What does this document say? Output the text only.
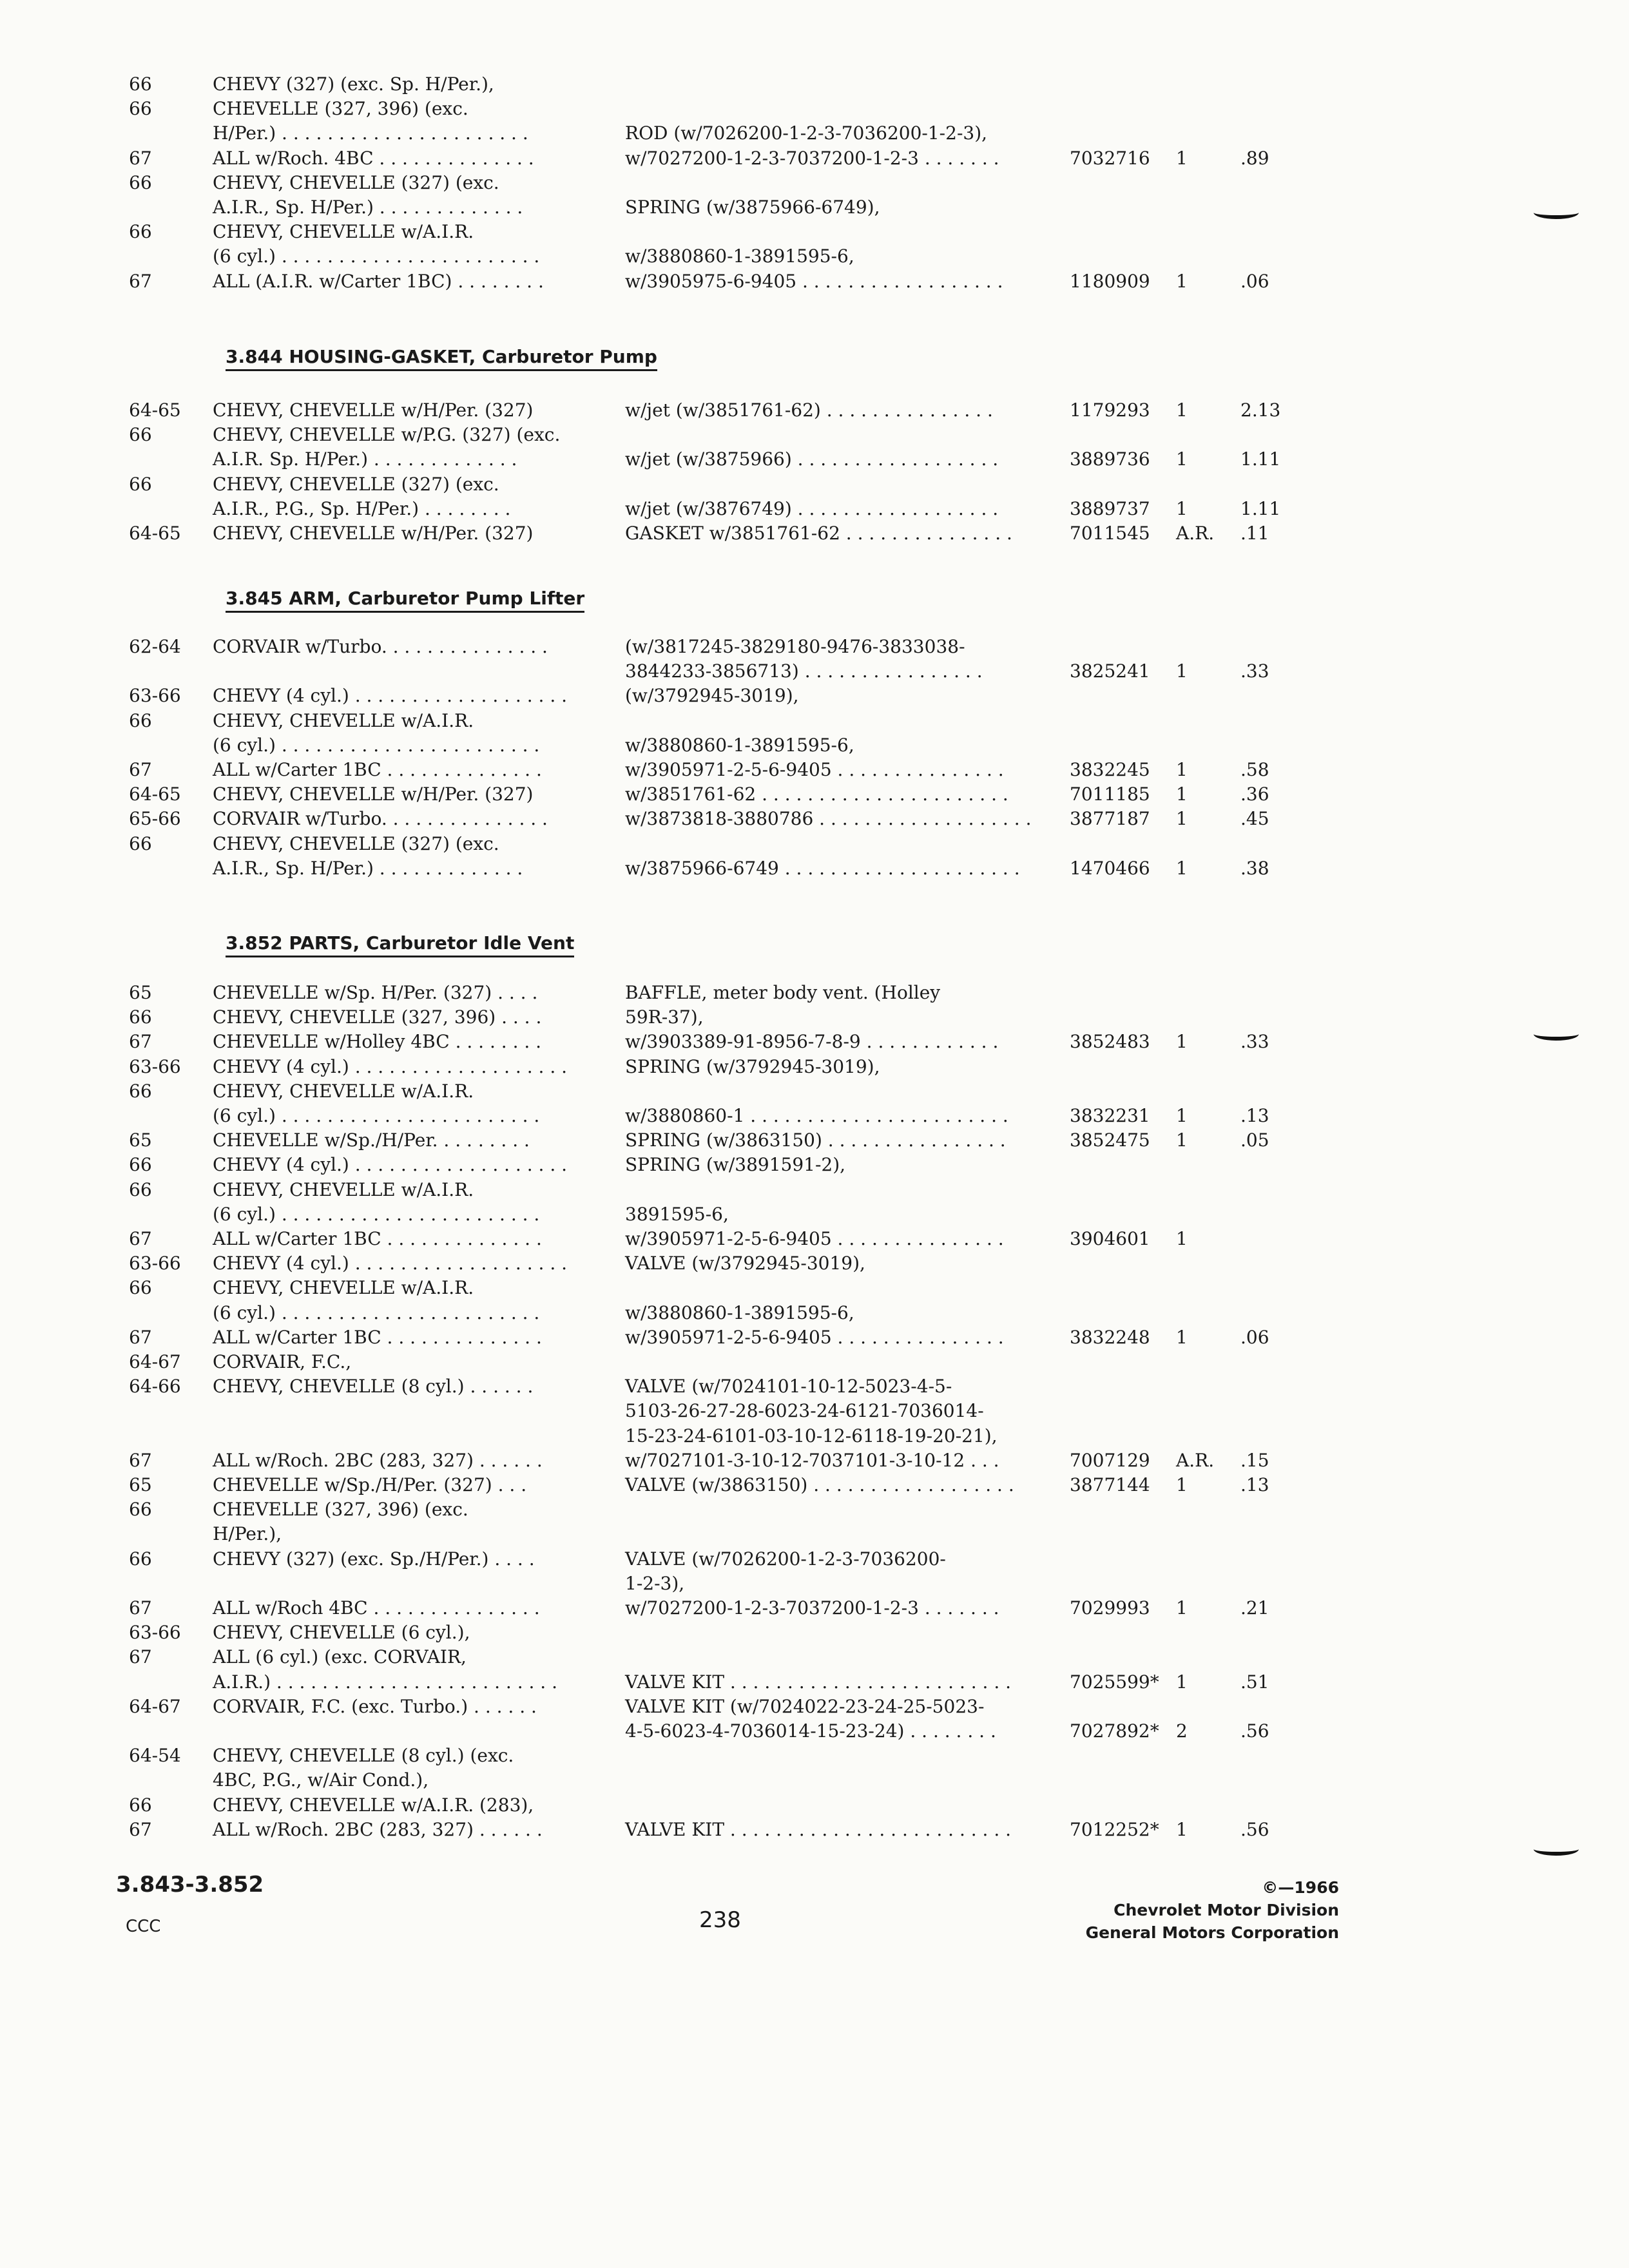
66	CHEVY (327) (exc. Sp. H/Per.),
66	CHEVELLE (327, 396) (exc.
H/Per.) . . . . . . . . . . . . . . . . . . . . . .	ROD (w/7026200-1-2-3-7036200-1-2-3),
67	ALL w/Roch. 4BC . . . . . . . . . . . . . .	w/7027200-1-2-3-7037200-1-2-3 . . . . . . .	7032716 1	.89
66	CHEVY, CHEVELLE (327) (exc.
A.I.R., Sp. H/Per.) . . . . . . . . . . . . .	SPRING (w/3875966-6749),
66	CHEVY, CHEVELLE w/A.I.R.
(6 cyl.) . . . . . . . . . . . . . . . . . . . . . . .	w/3880860-1-3891595-6,
67	ALL (A.I.R. w/Carter 1BC) . . . . . . . .	w/3905975-6-9405 . . . . . . . . . . . . . . . . . .	1180909 1	.06
3.844 HOUSING-GASKET, Carburetor Pump
64-65 CHEVY, CHEVELLE w/H/Per. (327)	w/jet (w/3851761-62) . . . . . . . . . . . . . . .	1179293 1	2.13
66	CHEVY, CHEVELLE w/P.G. (327) (exc.
A.I.R. Sp. H/Per.) . . . . . . . . . . . . .	w/jet (w/3875966) . . . . . . . . . . . . . . . . . .	3889736 1	1.11
66	CHEVY, CHEVELLE (327) (exc.
A.I.R., P.G., Sp. H/Per.) . . . . . . . .	w/jet (w/3876749) . . . . . . . . . . . . . . . . . .	3889737 1	1.11
64-65 CHEVY, CHEVELLE w/H/Per. (327)	GASKET w/3851761-62 . . . . . . . . . . . . . . .	7011545 A.R. .11
3.845 ARM, Carburetor Pump Lifter
62-64 CORVAIR w/Turbo. . . . . . . . . . . . . . .	(w/3817245-3829180-9476-3833038-
3844233-3856713) . . . . . . . . . . . . . . . .	3825241 1	.33
63-66 CHEVY (4 cyl.) . . . . . . . . . . . . . . . . . . .	(w/3792945-3019),
66	CHEVY, CHEVELLE w/A.I.R.
(6 cyl.) . . . . . . . . . . . . . . . . . . . . . . .	w/3880860-1-3891595-6,
67	ALL w/Carter 1BC . . . . . . . . . . . . . .	w/3905971-2-5-6-9405 . . . . . . . . . . . . . . .	3832245 1	.58
64-65 CHEVY, CHEVELLE w/H/Per. (327)	w/3851761-62 . . . . . . . . . . . . . . . . . . . . . .	7011185 1	.36
65-66 CORVAIR w/Turbo. . . . . . . . . . . . . . .	w/3873818-3880786 . . . . . . . . . . . . . . . . . . . 3877187 1	.45
66	CHEVY, CHEVELLE (327) (exc.
A.I.R., Sp. H/Per.) . . . . . . . . . . . . .	w/3875966-6749 . . . . . . . . . . . . . . . . . . . . .	1470466 1	.38
3.852 PARTS, Carburetor Idle Vent
65	CHEVELLE w/Sp. H/Per. (327) . . . .	BAFFLE, meter body vent. (Holley
66	CHEVY, CHEVELLE (327, 396) . . . .	59R-37),
67	CHEVELLE w/Holley 4BC . . . . . . . .	w/3903389-91-8956-7-8-9 . . . . . . . . . . . .	3852483 1	.33
63-66 CHEVY (4 cyl.) . . . . . . . . . . . . . . . . . . .	SPRING (w/3792945-3019),
66	CHEVY, CHEVELLE w/A.I.R.
(6 cyl.) . . . . . . . . . . . . . . . . . . . . . . .	w/3880860-1 . . . . . . . . . . . . . . . . . . . . . . .	3832231 1	.13
65	CHEVELLE w/Sp./H/Per. . . . . . . . .	SPRING (w/3863150) . . . . . . . . . . . . . . . .	3852475 1	.05
66	CHEVY (4 cyl.) . . . . . . . . . . . . . . . . . . .	SPRING (w/3891591-2),
66	CHEVY, CHEVELLE w/A.I.R.
(6 cyl.) . . . . . . . . . . . . . . . . . . . . . . .	3891595-6,
67	ALL w/Carter 1BC . . . . . . . . . . . . . .	w/3905971-2-5-6-9405 . . . . . . . . . . . . . . .	3904601 1
63-66 CHEVY (4 cyl.) . . . . . . . . . . . . . . . . . . .	VALVE (w/3792945-3019),
66	CHEVY, CHEVELLE w/A.I.R.
(6 cyl.) . . . . . . . . . . . . . . . . . . . . . . .	w/3880860-1-3891595-6,
67	ALL w/Carter 1BC . . . . . . . . . . . . . .	w/3905971-2-5-6-9405 . . . . . . . . . . . . . . .	3832248 1	.06
64-67 CORVAIR, F.C.,
64-66 CHEVY, CHEVELLE (8 cyl.) . . . . . .	VALVE (w/7024101-10-12-5023-4-5-
5103-26-27-28-6023-24-6121-7036014-
15-23-24-6101-03-10-12-6118-19-20-21),
67	ALL w/Roch. 2BC (283, 327) . . . . . .	w/7027101-3-10-12-7037101-3-10-12 . . .	7007129 A.R. .15
65	CHEVELLE w/Sp./H/Per. (327) . . .	VALVE (w/3863150) . . . . . . . . . . . . . . . . . .	3877144 1	.13
66	CHEVELLE (327, 396) (exc.
H/Per.),
66	CHEVY (327) (exc. Sp./H/Per.) . . . .	VALVE (w/7026200-1-2-3-7036200-
1-2-3),
67	ALL w/Roch 4BC . . . . . . . . . . . . . . .	w/7027200-1-2-3-7037200-1-2-3 . . . . . . .	7029993 1	.21
63-66 CHEVY, CHEVELLE (6 cyl.),
67	ALL (6 cyl.) (exc. CORVAIR,
A.I.R.) . . . . . . . . . . . . . . . . . . . . . . . . .	VALVE KIT . . . . . . . . . . . . . . . . . . . . . . . . .	7025599* 1	.51
64-67 CORVAIR, F.C. (exc. Turbo.) . . . . . .	VALVE KIT (w/7024022-23-24-25-5023-
4-5-6023-4-7036014-15-23-24) . . . . . . . .	7027892* 2	.56
64-54 CHEVY, CHEVELLE (8 cyl.) (exc.
4BC, P.G., w/Air Cond.),
66	CHEVY, CHEVELLE w/A.I.R. (283),
67	ALL w/Roch. 2BC (283, 327) . . . . . .	VALVE KIT . . . . . . . . . . . . . . . . . . . . . . . . .	7012252* 1	.56
3.843-3.852
CCC	238
©—1966
Chevrolet Motor Division
General Motors Corporation
